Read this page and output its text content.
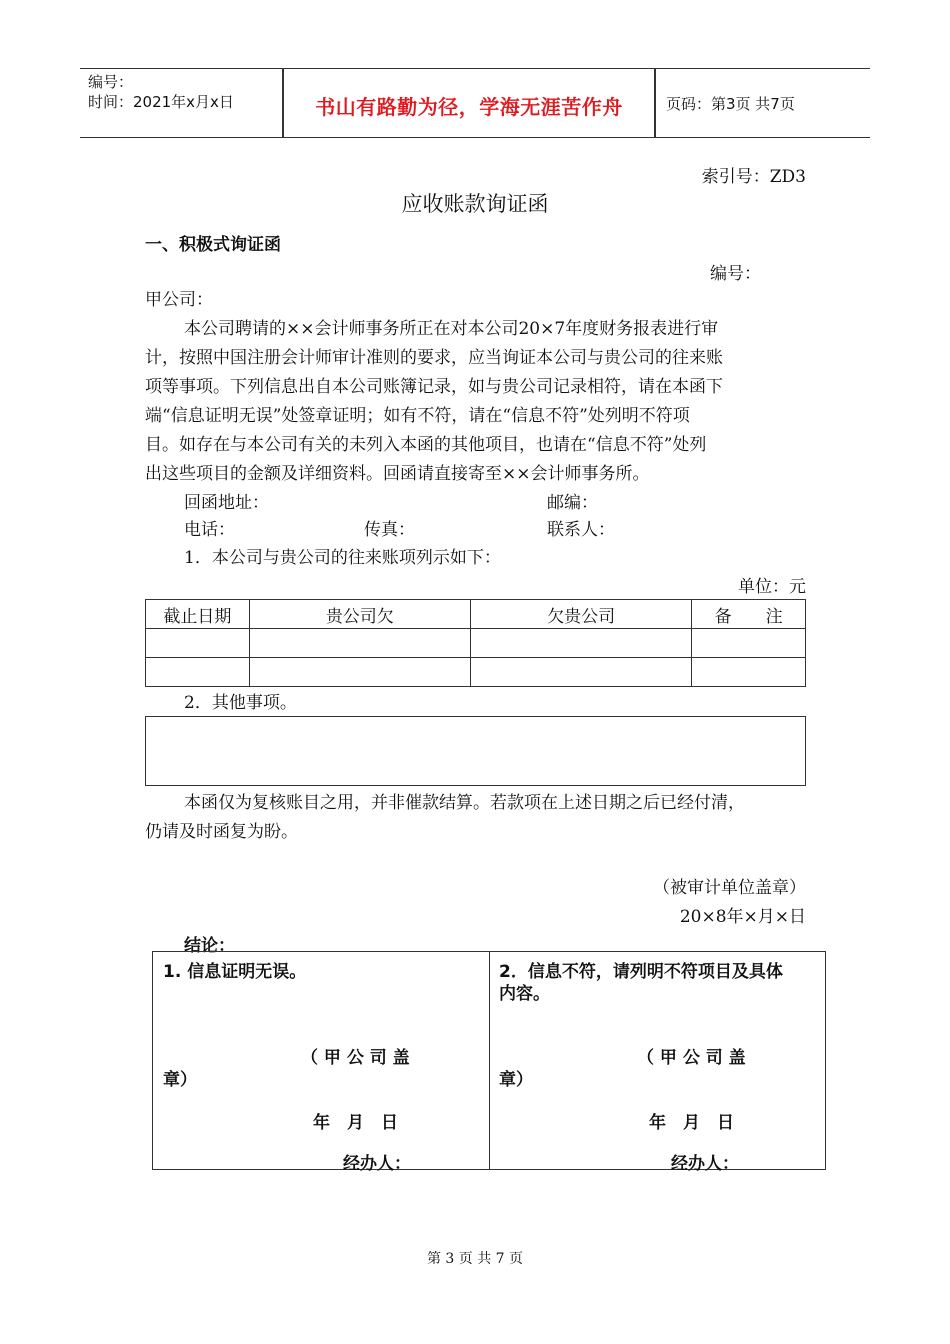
编号：
时间：2021年x月x日	书山有路勤为径，学海无涯苦作舟	页码：第3页 共7页
索引号：ZD3
应收账款询证函
一、积极式询证函
编号：
甲公司：
本公司聘请的××会计师事务所正在对本公司20×7年度财务报表进行审
计，按照中国注册会计师审计准则的要求，应当询证本公司与贵公司的往来账
项等事项。下列信息出自本公司账簿记录，如与贵公司记录相符，请在本函下
端“信息证明无误”处签章证明；如有不符，请在“信息不符”处列明不符项
目。如存在与本公司有关的未列入本函的其他项目，也请在“信息不符”处列
出这些项目的金额及详细资料。回函请直接寄至××会计师事务所。
回函地址：	邮编：
电话：	传真：	联系人：
1．本公司与贵公司的往来账项列示如下：
单位：元
截止日期	贵公司欠	欠贵公司	备　　注

2．其他事项。
本函仅为复核账目之用，并非催款结算。若款项在上述日期之后已经付清，
仍请及时函复为盼。
（被审计单位盖章）
20×8年×月×日
结论：
1. 信息证明无误。
（ 甲 公 司 盖
章）
年　月　日
经办人：
2．信息不符，请列明不符项目及具体
内容。
（ 甲 公 司 盖
章）
年　月　日
经办人：
第 3 页 共 7 页
